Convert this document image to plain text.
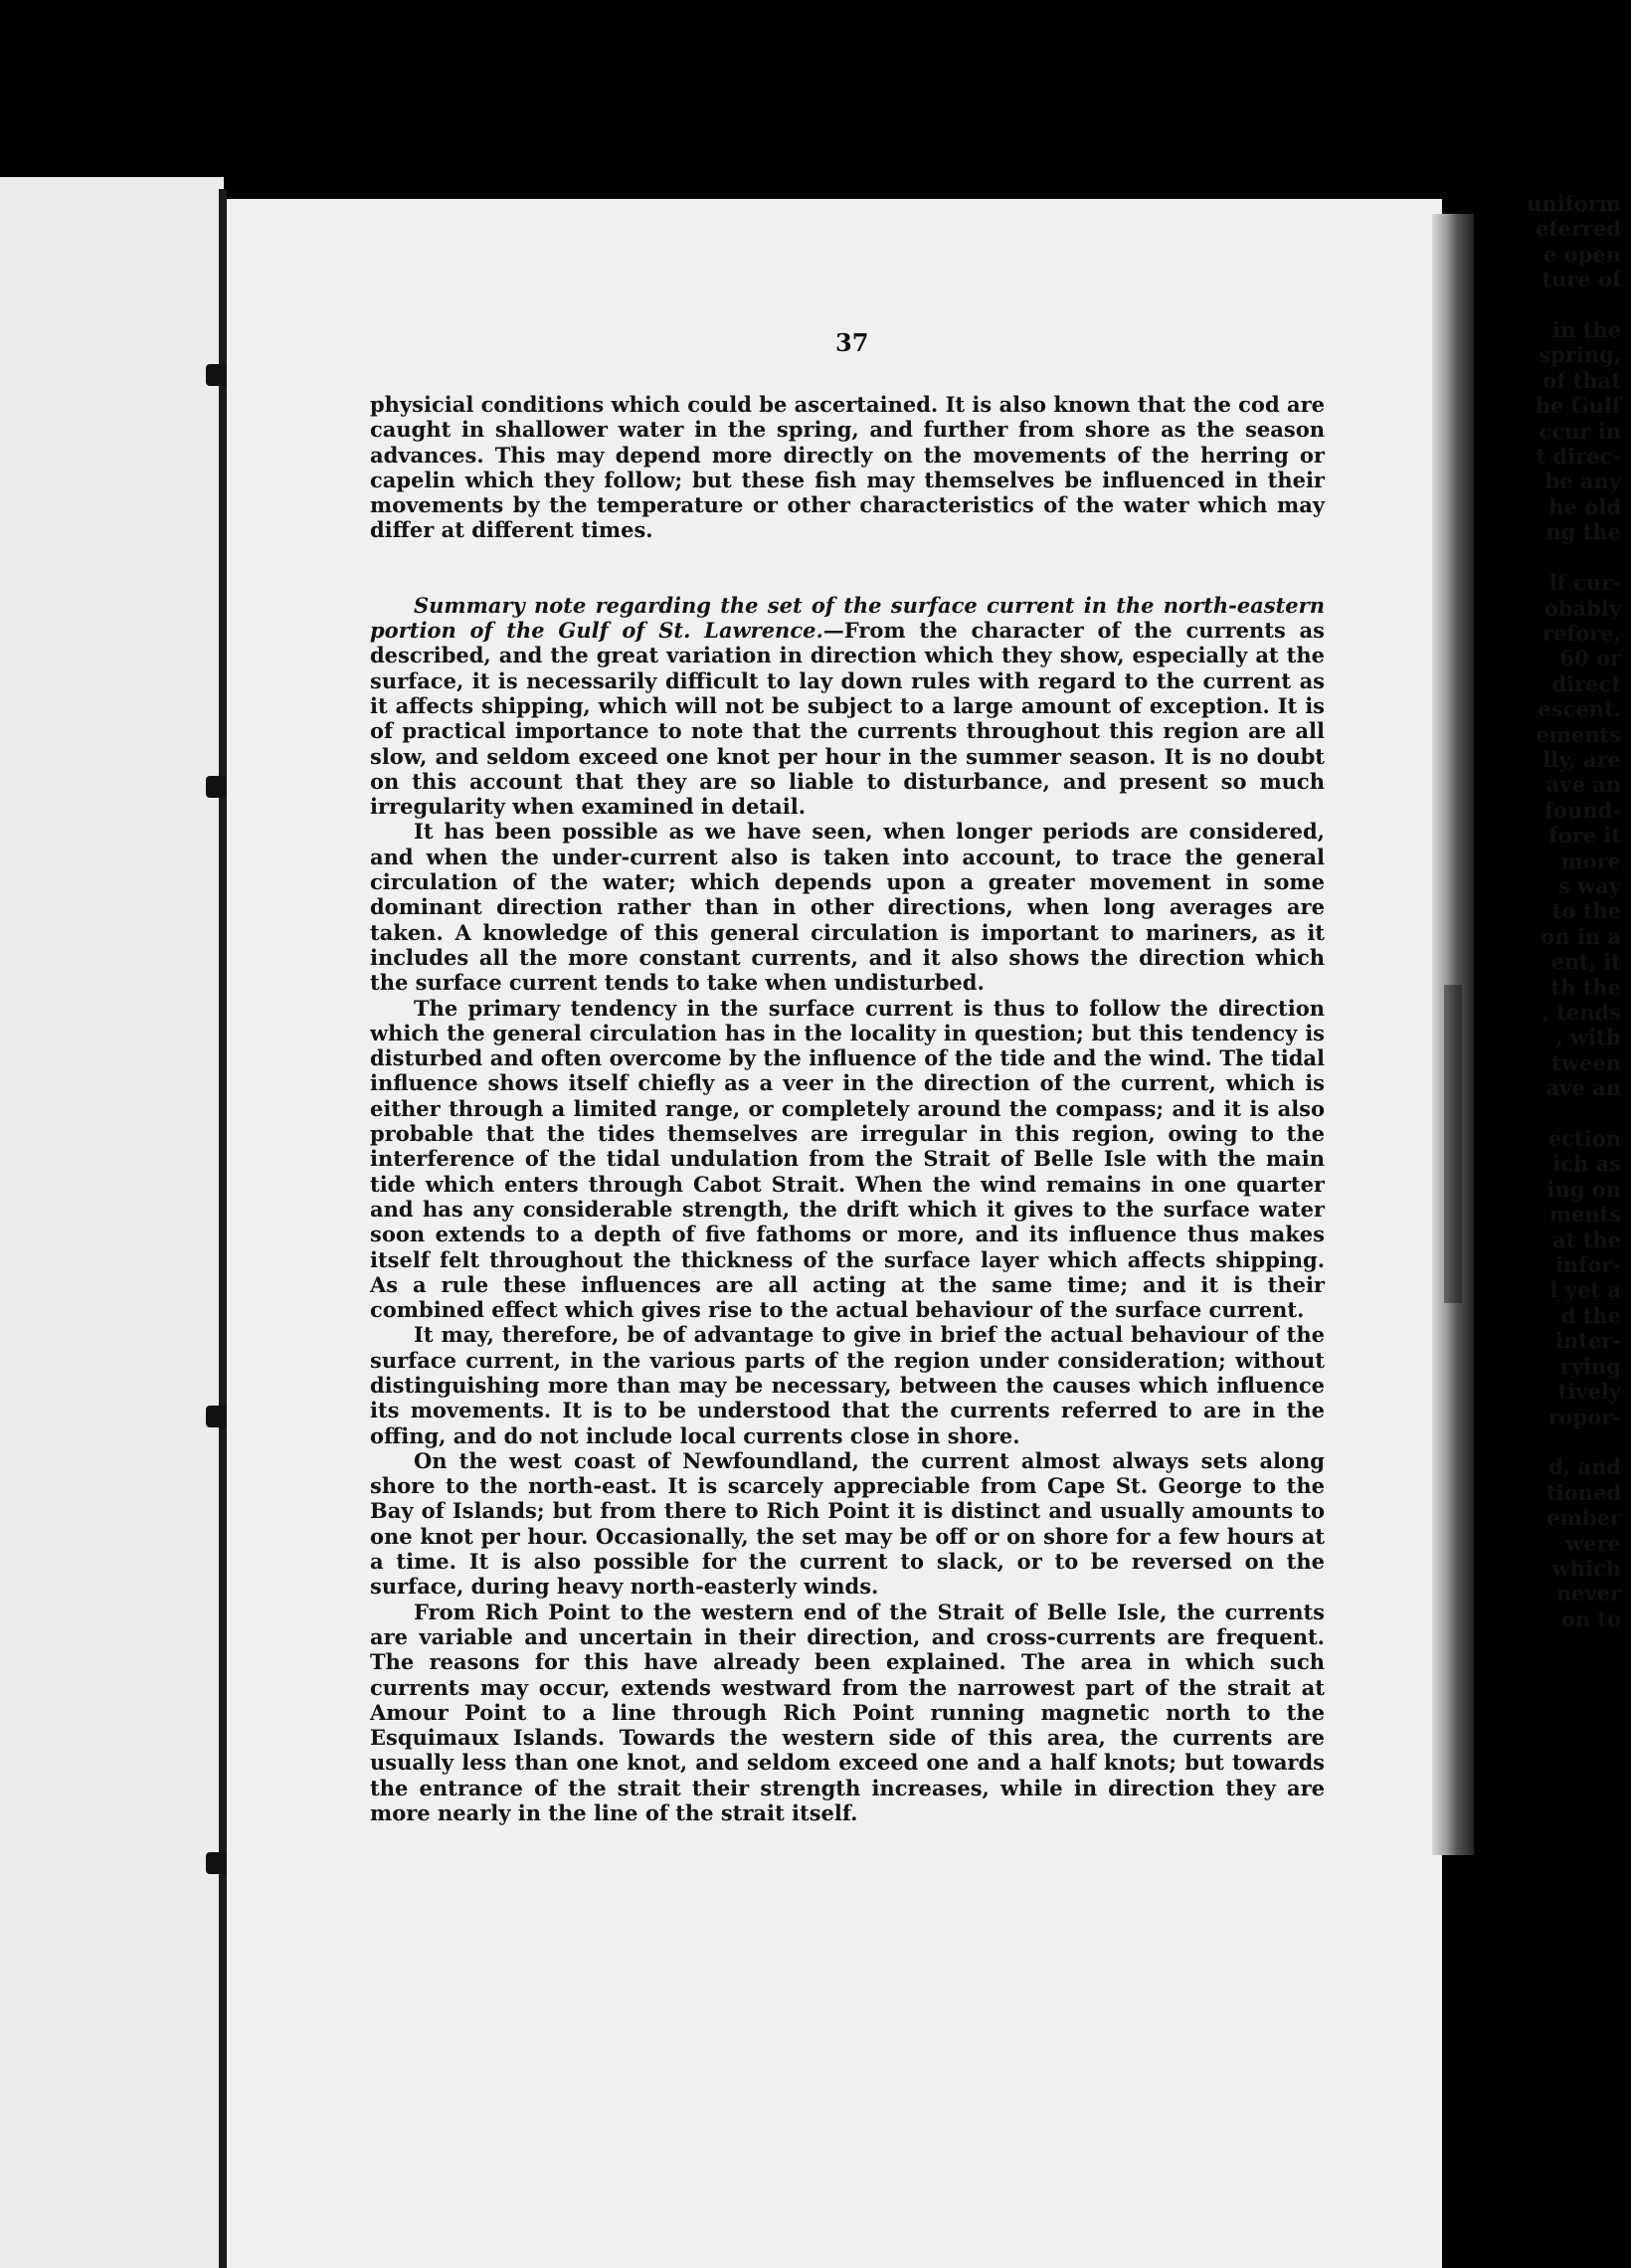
uniform
eferred
e open
ture of

in the
spring,
of that
he Gulf
ccur in
t direc-
be any
he old
ng the

lf cur-
obably
refore,
60 or
direct
escent.
ements
lly, are
ave an
found-
fore it
more
s way
to the
on in a
ent, it
th the
, tends
, with
tween
ave an

ection
ich as
ing on
ments
at the
infor-
l yet a
d the
inter-
rying
tively
ropor-

d, and
tioned
ember
were
which
never
on to
37

physicial conditions which could be ascertained. It is also known that the cod are caught in shallower water in the spring, and further from shore as the season advances. This may depend more directly on the movements of the herring or capelin which they follow; but these fish may themselves be influenced in their movements by the temperature or other characteristics of the water which may differ at different times.

Summary note regarding the set of the surface current in the north-eastern portion of the Gulf of St. Lawrence.—From the character of the currents as described, and the great variation in direction which they show, especially at the surface, it is necessarily difficult to lay down rules with regard to the current as it affects shipping, which will not be subject to a large amount of exception. It is of practical importance to note that the currents throughout this region are all slow, and seldom exceed one knot per hour in the summer season. It is no doubt on this account that they are so liable to disturbance, and present so much irregularity when examined in detail.

It has been possible as we have seen, when longer periods are considered, and when the under-current also is taken into account, to trace the general circulation of the water; which depends upon a greater movement in some dominant direction rather than in other directions, when long averages are taken. A knowledge of this general circulation is important to mariners, as it includes all the more constant currents, and it also shows the direction which the surface current tends to take when undisturbed.

The primary tendency in the surface current is thus to follow the direction which the general circulation has in the locality in question; but this tendency is disturbed and often overcome by the influence of the tide and the wind. The tidal influence shows itself chiefly as a veer in the direction of the current, which is either through a limited range, or completely around the compass; and it is also probable that the tides themselves are irregular in this region, owing to the interference of the tidal undulation from the Strait of Belle Isle with the main tide which enters through Cabot Strait. When the wind remains in one quarter and has any considerable strength, the drift which it gives to the surface water soon extends to a depth of five fathoms or more, and its influence thus makes itself felt throughout the thickness of the surface layer which affects shipping. As a rule these influences are all acting at the same time; and it is their combined effect which gives rise to the actual behaviour of the surface current.

It may, therefore, be of advantage to give in brief the actual behaviour of the surface current, in the various parts of the region under consideration; without distinguishing more than may be necessary, between the causes which influence its movements. It is to be understood that the currents referred to are in the offing, and do not include local currents close in shore.

On the west coast of Newfoundland, the current almost always sets along shore to the north-east. It is scarcely appreciable from Cape St. George to the Bay of Islands; but from there to Rich Point it is distinct and usually amounts to one knot per hour. Occasionally, the set may be off or on shore for a few hours at a time. It is also possible for the current to slack, or to be reversed on the surface, during heavy north-easterly winds.

From Rich Point to the western end of the Strait of Belle Isle, the currents are variable and uncertain in their direction, and cross-currents are frequent. The reasons for this have already been explained. The area in which such currents may occur, extends westward from the narrowest part of the strait at Amour Point to a line through Rich Point running magnetic north to the Esquimaux Islands. Towards the western side of this area, the currents are usually less than one knot, and seldom exceed one and a half knots; but towards the entrance of the strait their strength increases, while in direction they are more nearly in the line of the strait itself.
